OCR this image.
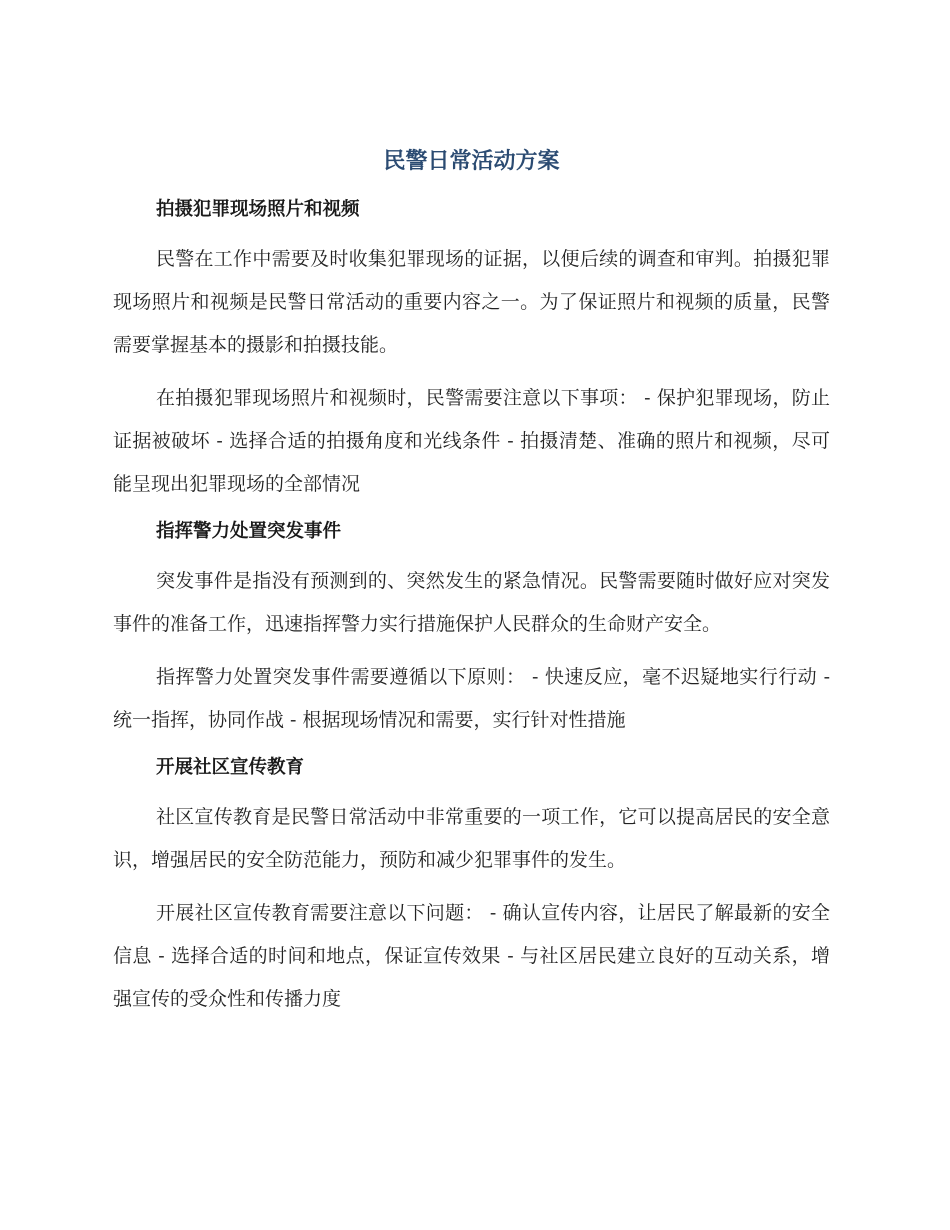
民警日常活动方案
拍摄犯罪现场照片和视频

民警在工作中需要及时收集犯罪现场的证据，以便后续的调查和审判。拍摄犯罪现场照片和视频是民警日常活动的重要内容之一。为了保证照片和视频的质量，民警需要掌握基本的摄影和拍摄技能。

在拍摄犯罪现场照片和视频时，民警需要注意以下事项： - 保护犯罪现场，防止证据被破坏 - 选择合适的拍摄角度和光线条件 - 拍摄清楚、准确的照片和视频，尽可能呈现出犯罪现场的全部情况

指挥警力处置突发事件

突发事件是指没有预测到的、突然发生的紧急情况。民警需要随时做好应对突发事件的准备工作，迅速指挥警力实行措施保护人民群众的生命财产安全。

指挥警力处置突发事件需要遵循以下原则： - 快速反应，毫不迟疑地实行行动 - 统一指挥，协同作战 - 根据现场情况和需要，实行针对性措施

开展社区宣传教育

社区宣传教育是民警日常活动中非常重要的一项工作，它可以提高居民的安全意识，增强居民的安全防范能力，预防和减少犯罪事件的发生。

开展社区宣传教育需要注意以下问题： - 确认宣传内容，让居民了解最新的安全信息 - 选择合适的时间和地点，保证宣传效果 - 与社区居民建立良好的互动关系，增强宣传的受众性和传播力度
